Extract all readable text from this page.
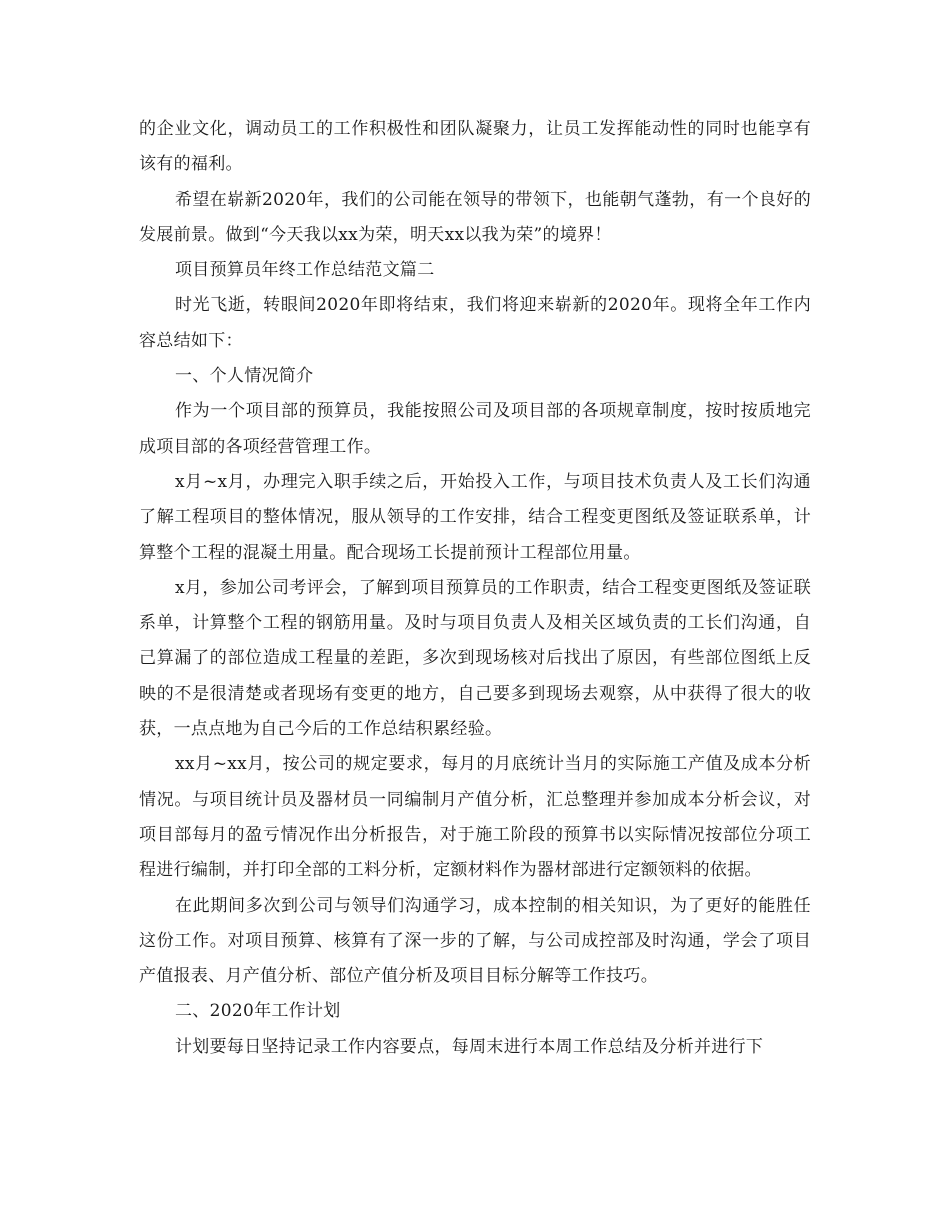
的企业文化，调动员工的工作积极性和团队凝聚力，让员工发挥能动性的同时也能享有该有的福利。

希望在崭新2020年，我们的公司能在领导的带领下，也能朝气蓬勃，有一个良好的发展前景。做到“今天我以xx为荣，明天xx以我为荣”的境界！

项目预算员年终工作总结范文篇二

时光飞逝，转眼间2020年即将结束，我们将迎来崭新的2020年。现将全年工作内容总结如下：

一、个人情况简介

作为一个项目部的预算员，我能按照公司及项目部的各项规章制度，按时按质地完成项目部的各项经营管理工作。

x月~x月，办理完入职手续之后，开始投入工作，与项目技术负责人及工长们沟通了解工程项目的整体情况，服从领导的工作安排，结合工程变更图纸及签证联系单，计算整个工程的混凝土用量。配合现场工长提前预计工程部位用量。

x月，参加公司考评会，了解到项目预算员的工作职责，结合工程变更图纸及签证联系单，计算整个工程的钢筋用量。及时与项目负责人及相关区域负责的工长们沟通，自己算漏了的部位造成工程量的差距，多次到现场核对后找出了原因，有些部位图纸上反映的不是很清楚或者现场有变更的地方，自己要多到现场去观察，从中获得了很大的收获，一点点地为自己今后的工作总结积累经验。

xx月~xx月，按公司的规定要求，每月的月底统计当月的实际施工产值及成本分析情况。与项目统计员及器材员一同编制月产值分析，汇总整理并参加成本分析会议，对项目部每月的盈亏情况作出分析报告，对于施工阶段的预算书以实际情况按部位分项工程进行编制，并打印全部的工料分析，定额材料作为器材部进行定额领料的依据。

在此期间多次到公司与领导们沟通学习，成本控制的相关知识，为了更好的能胜任这份工作。对项目预算、核算有了深一步的了解，与公司成控部及时沟通，学会了项目产值报表、月产值分析、部位产值分析及项目目标分解等工作技巧。

二、2020年工作计划

计划要每日坚持记录工作内容要点，每周末进行本周工作总结及分析并进行下
